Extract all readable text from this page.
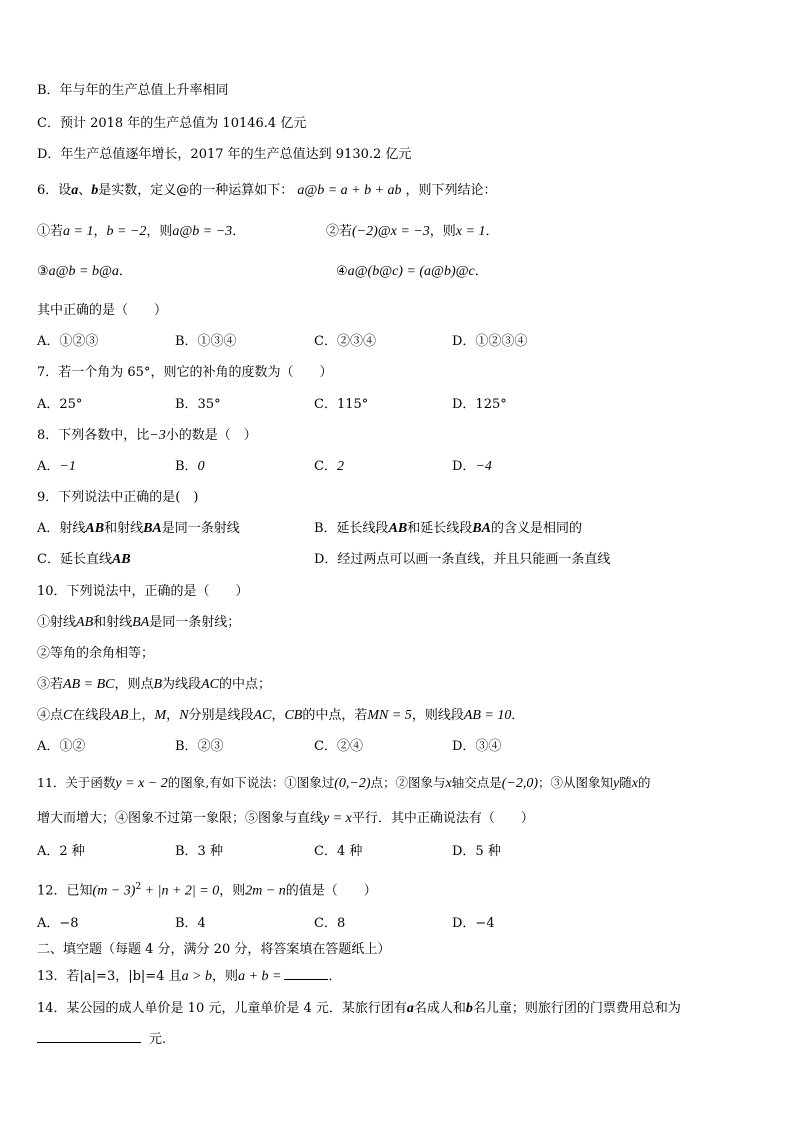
B．年与年的生产总值上升率相同
C．预计 2018 年的生产总值为 10146.4 亿元
D．年生产总值逐年增长，2017 年的生产总值达到 9130.2 亿元
6．设a、b是实数，定义@的一种运算如下： a@b = a + b + ab ，则下列结论：
①若a = 1，b = −2，则a@b = −3．	②若(−2)@x = −3，则x = 1．
③a@b = b@a．	④a@(b@c) = (a@b)@c．
其中正确的是（　　）
A．①②③	B．①③④	C．②③④	D．①②③④
7．若一个角为 65°，则它的补角的度数为（　　）
A．25°	B．35°	C．115°	D．125°
8．下列各数中，比−3小的数是（　）
A．−1	B．0	C．2	D．−4
9．下列说法中正确的是(　)
A．射线AB和射线BA是同一条射线	B．延长线段AB和延长线段BA的含义是相同的
C．延长直线AB	D．经过两点可以画一条直线，并且只能画一条直线
10．下列说法中，正确的是（　　）
①射线AB和射线BA是同一条射线；
②等角的余角相等；
③若AB = BC，则点B为线段AC的中点；
④点C在线段AB上，M，N分别是线段AC，CB的中点，若MN = 5，则线段AB = 10．
A．①②	B．②③	C．②④	D．③④
11．关于函数y = x − 2的图象,有如下说法：①图象过(0,−2)点；②图象与x轴交点是(−2,0)；③从图象知y随x的
增大而增大；④图象不过第一象限；⑤图象与直线y = x平行．其中正确说法有（　　）
A．2 种	B．3 种	C．4 种	D．5 种
12．已知$(m - 3)^2 + |n + 2| = 0$，则2m − n的值是（　　）
A．−8	B．4	C．8	D．−4
二、填空题（每题 4 分，满分 20 分，将答案填在答题纸上）
13．若|a|=3，|b|=4 且a > b，则a + b =	．
14．某公园的成人单价是 10 元，儿童单价是 4 元．某旅行团有a名成人和b名儿童；则旅行团的门票费用总和为
元.
